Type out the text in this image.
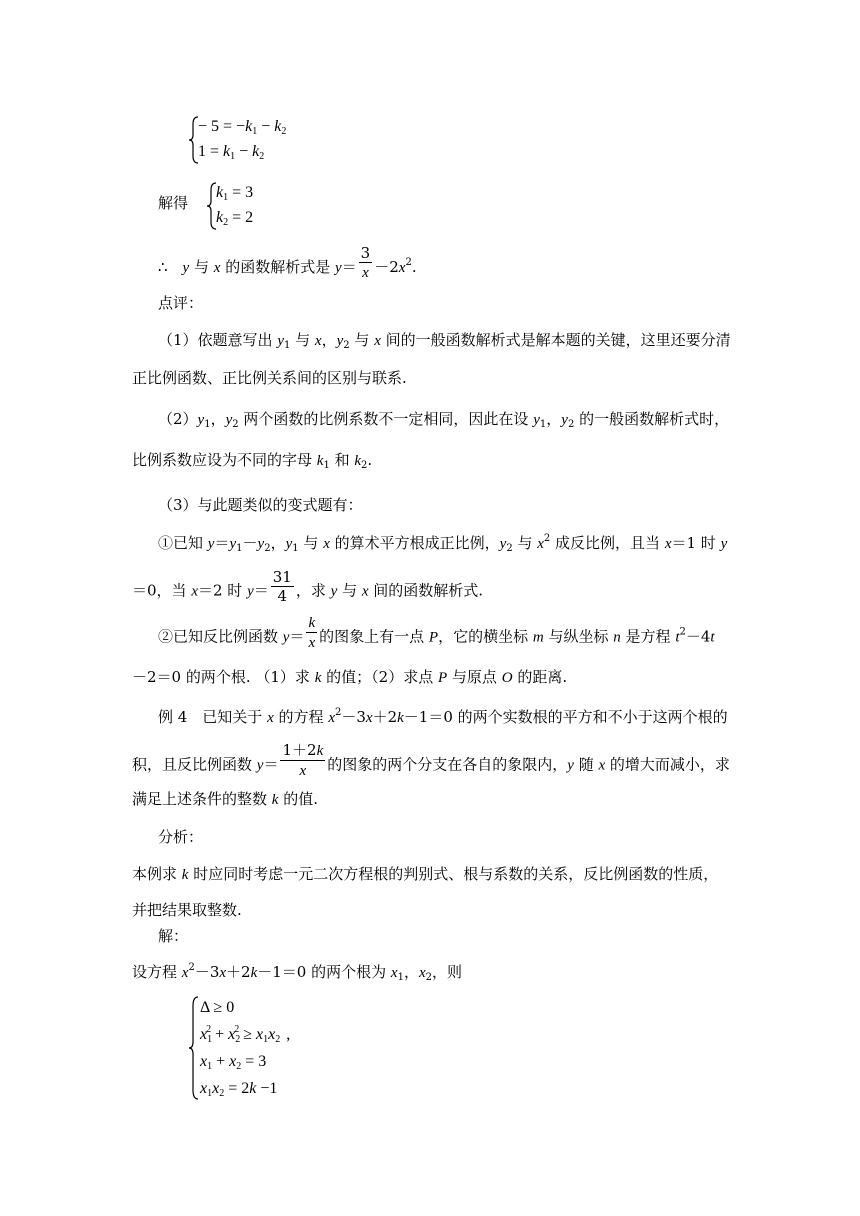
− $5 = -k_1 - k_2$
$1 = k_1 - k_2$
解得
$k_1 = 3$
$k_2 = 2$
∴　y 与 x 的函数解析式是 $y= \frac{3}{x} -2x^2$.
点评：
（1）依题意写出 $y_1$ 与 x，$y_2$ 与 x 间的一般函数解析式是解本题的关键，这里还要分清
正比例函数、正比例关系间的区别与联系.
$(2)y_1$，$y_2$ 两个函数的比例系数不一定相同，因此在设 $y_1$，$y_2$ 的一般函数解析式时，
比例系数应设为不同的字母 $k_1$ 和 $k_2$.
（3）与此题类似的变式题有：
①已知 $y=y_1-y_2$，$y_1$ 与 x 的算术平方根成正比例，$y_2$ 与 $x^2$ 成反比例，且当 x＝1 时 y
＝0，当 x＝2 时 $y= \frac{31}{4}$ ，求 y 与 x 间的函数解析式.
②已知反比例函数 $y= \frac{k}{x}$ 的图象上有一点 P，它的横坐标 m 与纵坐标 n 是方程 $t^2-4t$
－2＝0 的两个根. （1）求 k 的值；（2）求点 P 与原点 O 的距离.
例 4　已知关于 x 的方程 $x^2-3x+2k-1=0$ 的两个实数根的平方和不小于这两个根的
积，且反比例函数 $y= \frac{1+2k}{x}$ 的图象的两个分支在各自的象限内，y 随 x 的增大而减小，求
满足上述条件的整数 k 的值.
分析：
本例求 k 时应同时考虑一元二次方程根的判别式、根与系数的关系，反比例函数的性质，
并把结果取整数.
解：
设方程 $x^2-3x+2k-1=0$ 的两个根为 $x_1$，$x_2$，则
Δ ≥ 0
$x_1^2 + x_2^2 \ge x_1x_2$ ,
$x_1 + x_2 = 3$
$x_1x_2 = 2k -1$
